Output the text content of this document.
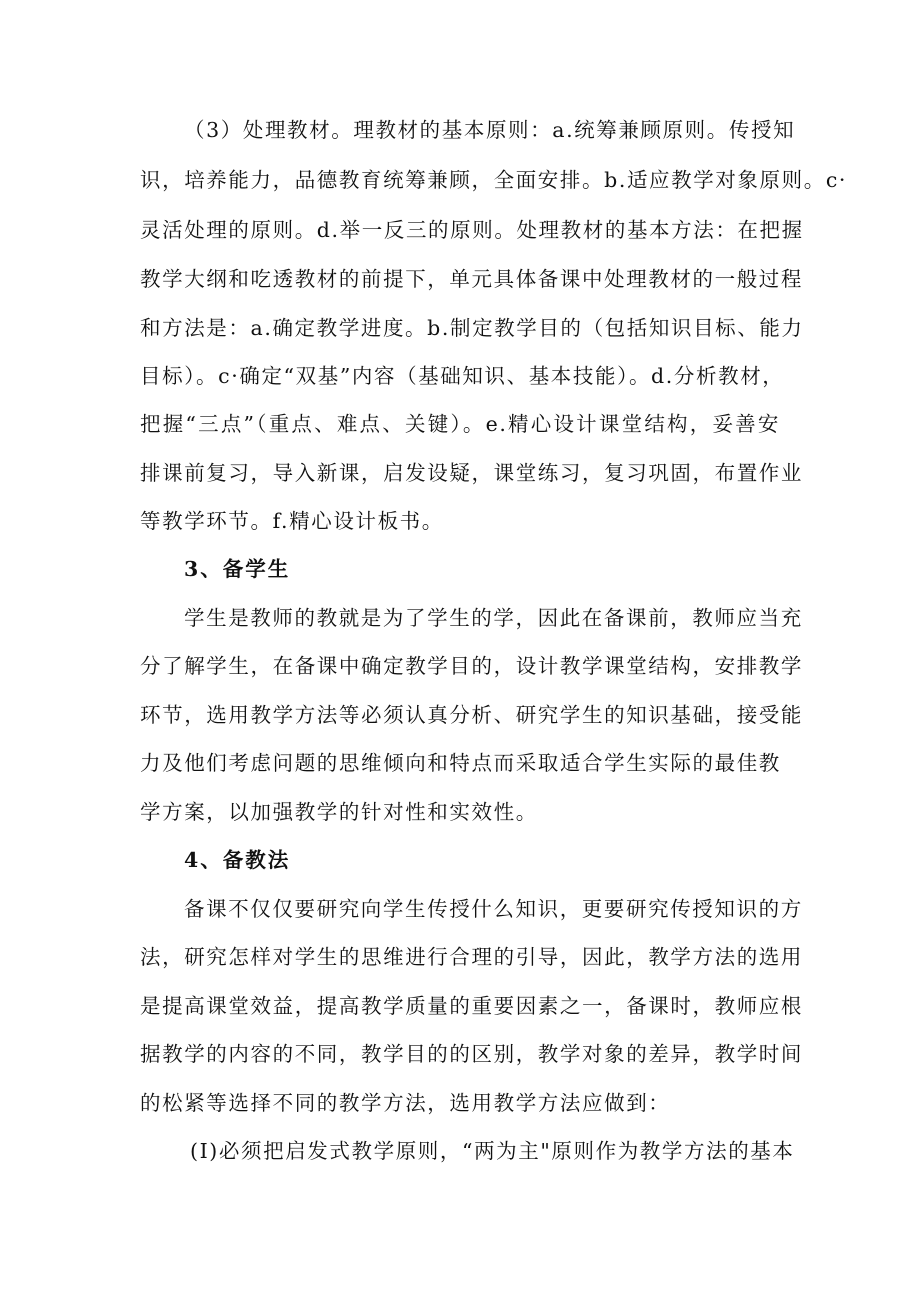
（3）处理教材。理教材的基本原则：a.统筹兼顾原则。传授知
识，培养能力，品德教育统筹兼顾，全面安排。b.适应教学对象原则。c·
灵活处理的原则。d.举一反三的原则。处理教材的基本方法：在把握
教学大纲和吃透教材的前提下，单元具体备课中处理教材的一般过程
和方法是：a.确定教学进度。b.制定教学目的（包括知识目标、能力
目标）。c·确定“双基”内容（基础知识、基本技能）。d.分析教材，
把握“三点”（重点、难点、关键）。e.精心设计课堂结构，妥善安
排课前复习，导入新课，启发设疑，课堂练习，复习巩固，布置作业
等教学环节。f.精心设计板书。
3、备学生
学生是教师的教就是为了学生的学，因此在备课前，教师应当充
分了解学生，在备课中确定教学目的，设计教学课堂结构，安排教学
环节，选用教学方法等必须认真分析、研究学生的知识基础，接受能
力及他们考虑问题的思维倾向和特点而采取适合学生实际的最佳教
学方案，以加强教学的针对性和实效性。
4、备教法
备课不仅仅要研究向学生传授什么知识，更要研究传授知识的方
法，研究怎样对学生的思维进行合理的引导，因此，教学方法的选用
是提高课堂效益，提高教学质量的重要因素之一，备课时，教师应根
据教学的内容的不同，教学目的的区别，教学对象的差异，教学时间
的松紧等选择不同的教学方法，选用教学方法应做到：
(I)必须把启发式教学原则，“两为主"原则作为教学方法的基本
